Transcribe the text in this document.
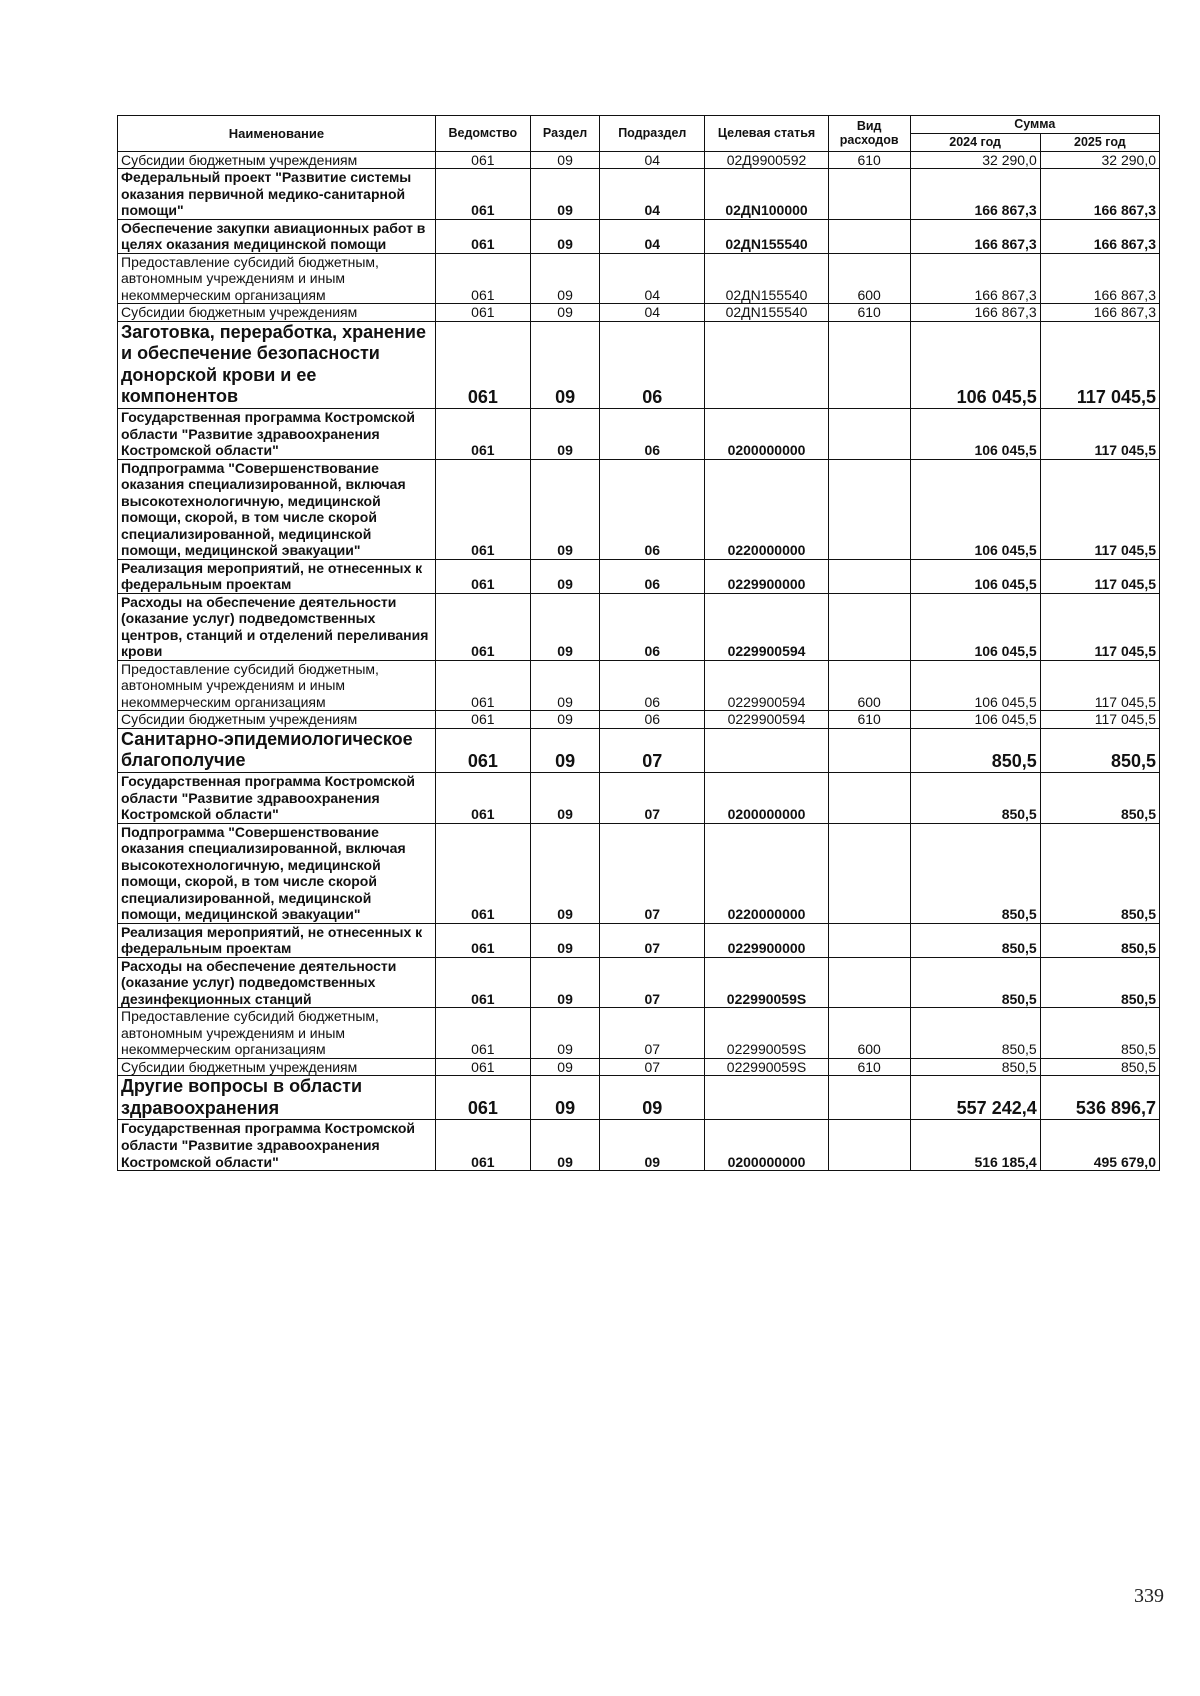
Наименование	Ведомство	Раздел	Подраздел	Целевая статья	Вид расходов	Сумма	
						2024 год	2025 год
Субсидии бюджетным учреждениям	061	09	04	02Д9900592	610	32 290,0	32 290,0
Федеральный проект "Развитие системы оказания первичной медико-санитарной помощи"	061	09	04	02ДN100000		166 867,3	166 867,3
Обеспечение закупки авиационных работ в целях оказания медицинской помощи	061	09	04	02ДN155540		166 867,3	166 867,3
Предоставление субсидий бюджетным, автономным учреждениям и иным некоммерческим организациям	061	09	04	02ДN155540	600	166 867,3	166 867,3
Субсидии бюджетным учреждениям	061	09	04	02ДN155540	610	166 867,3	166 867,3
Заготовка, переработка, хранение и обеспечение безопасности донорской крови и ее компонентов	061	09	06			106 045,5	117 045,5
Государственная программа Костромской области "Развитие здравоохранения Костромской области"	061	09	06	0200000000		106 045,5	117 045,5
Подпрограмма "Совершенствование оказания специализированной, включая высокотехнологичную, медицинской помощи, скорой, в том числе скорой специализированной, медицинской помощи, медицинской эвакуации"	061	09	06	0220000000		106 045,5	117 045,5
Реализация мероприятий, не отнесенных к федеральным проектам	061	09	06	0229900000		106 045,5	117 045,5
Расходы на обеспечение деятельности (оказание услуг) подведомственных центров, станций и отделений переливания крови	061	09	06	0229900594		106 045,5	117 045,5
Предоставление субсидий бюджетным, автономным учреждениям и иным некоммерческим организациям	061	09	06	0229900594	600	106 045,5	117 045,5
Субсидии бюджетным учреждениям	061	09	06	0229900594	610	106 045,5	117 045,5
Санитарно-эпидемиологическое благополучие	061	09	07			850,5	850,5
Государственная программа Костромской области "Развитие здравоохранения Костромской области"	061	09	07	0200000000		850,5	850,5
Подпрограмма "Совершенствование оказания специализированной, включая высокотехнологичную, медицинской помощи, скорой, в том числе скорой специализированной, медицинской помощи, медицинской эвакуации"	061	09	07	0220000000		850,5	850,5
Реализация мероприятий, не отнесенных к федеральным проектам	061	09	07	0229900000		850,5	850,5
Расходы на обеспечение деятельности (оказание услуг) подведомственных дезинфекционных станций	061	09	07	022990059S		850,5	850,5
Предоставление субсидий бюджетным, автономным учреждениям и иным некоммерческим организациям	061	09	07	022990059S	600	850,5	850,5
Субсидии бюджетным учреждениям	061	09	07	022990059S	610	850,5	850,5
Другие вопросы в области здравоохранения	061	09	09			557 242,4	536 896,7
Государственная программа Костромской области "Развитие здравоохранения Костромской области"	061	09	09	0200000000		516 185,4	495 679,0
339
